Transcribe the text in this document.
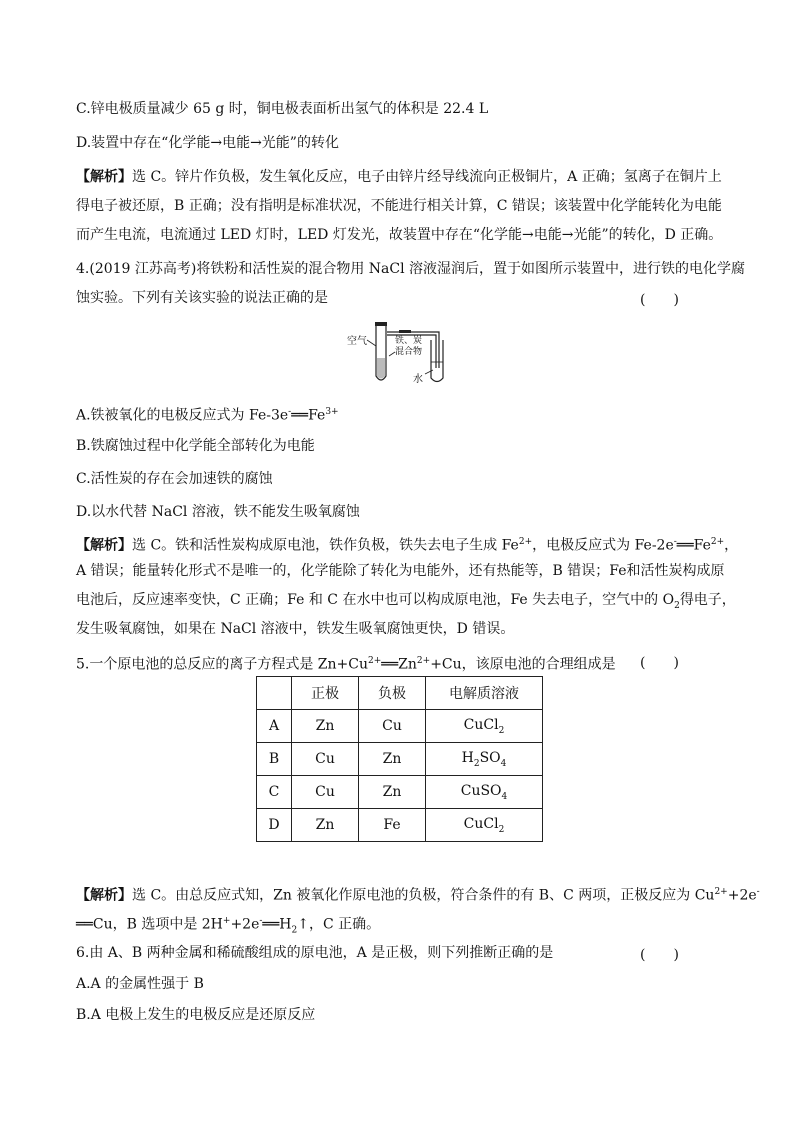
C.锌电极质量减少 65 g 时，铜电极表面析出氢气的体积是 22.4 L
D.装置中存在“化学能→电能→光能”的转化
【解析】选 C。锌片作负极，发生氧化反应，电子由锌片经导线流向正极铜片，A 正确；氢离子在铜片上
得电子被还原，B 正确；没有指明是标准状况，不能进行相关计算，C 错误；该装置中化学能转化为电能
而产生电流，电流通过 LED 灯时，LED 灯发光，故装置中存在“化学能→电能→光能”的转化，D 正确。
4.(2019 江苏高考)将铁粉和活性炭的混合物用 NaCl 溶液湿润后，置于如图所示装置中，进行铁的电化学腐
蚀实验。下列有关该实验的说法正确的是	(　　)
空气	铁、炭
混合物
水
A.铁被氧化的电极反应式为 $Fe-3e^-══Fe^{3+}$
B.铁腐蚀过程中化学能全部转化为电能
C.活性炭的存在会加速铁的腐蚀
D.以水代替 NaCl 溶液，铁不能发生吸氧腐蚀
【解析】选 C。铁和活性炭构成原电池，铁作负极，铁失去电子生成 $Fe^{2+}$，电极反应式为 $Fe-2e^-══Fe^{2+}$，
A 错误；能量转化形式不是唯一的，化学能除了转化为电能外，还有热能等，B 错误；Fe和活性炭构成原
电池后，反应速率变快，C 正确；Fe 和 C 在水中也可以构成原电池，Fe 失去电子，空气中的 $O_2$得电子，
发生吸氧腐蚀，如果在 NaCl 溶液中，铁发生吸氧腐蚀更快，D 错误。
5.一个原电池的总反应的离子方程式是 $Zn+Cu^{2+}══Zn^{2+}+Cu$，该原电池的合理组成是 (　　)
	正极	负极	电解质溶液
A	Zn	Cu	CuCl$_2$
B	Cu	Zn	$H_2SO_4$
C	Cu	Zn	CuSO$_4$
D	Zn	Fe	CuCl$_2$
【解析】选 C。由总反应式知，Zn 被氧化作原电池的负极，符合条件的有 B、C 两项，正极反应为 $Cu^{2+}+2e^-$
══Cu，B 选项中是 $2H^++2e^-══H_2↑$，C 正确。
6.由 A、B 两种金属和稀硫酸组成的原电池，A 是正极，则下列推断正确的是	(　　)
A.A 的金属性强于 B
B.A 电极上发生的电极反应是还原反应
